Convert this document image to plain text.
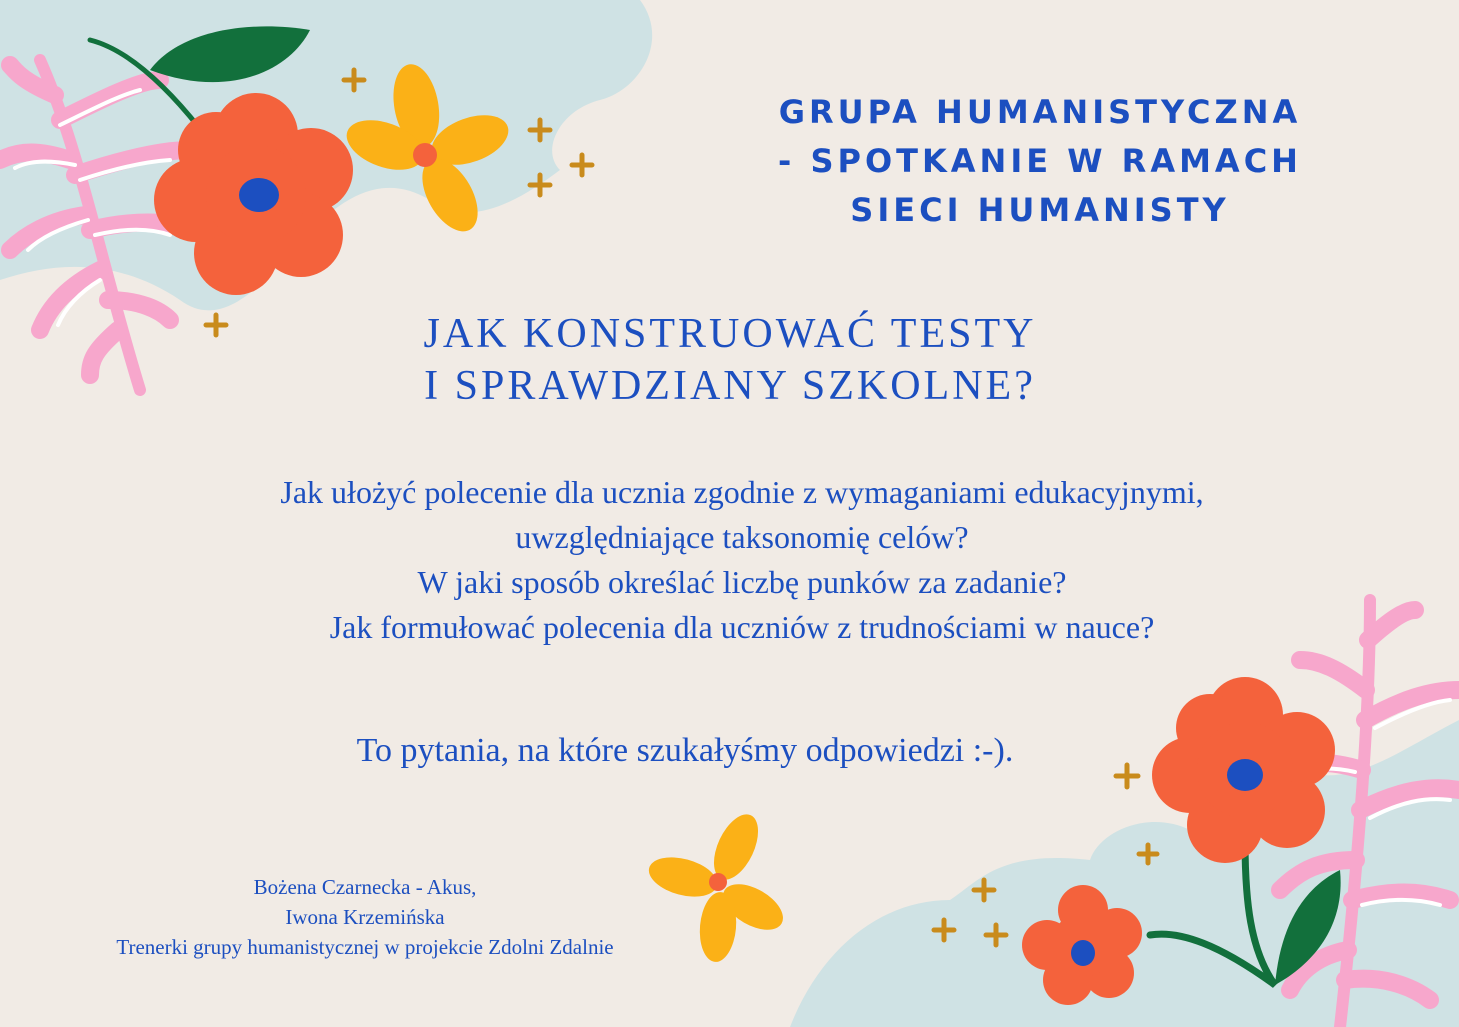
GRUPA HUMANISTYCZNA
- SPOTKANIE W RAMACH
SIECI HUMANISTY
JAK KONSTRUOWAĆ TESTY
I SPRAWDZIANY SZKOLNE?
Jak ułożyć polecenie dla ucznia zgodnie z wymaganiami edukacyjnymi,
uwzględniające taksonomię celów?
W jaki sposób określać liczbę punków za zadanie?
Jak formułować polecenia dla uczniów z trudnościami w nauce?
To pytania, na które szukałyśmy odpowiedzi :-).
Bożena Czarnecka - Akus,
Iwona Krzemińska
Trenerki grupy humanistycznej w projekcie Zdolni Zdalnie
